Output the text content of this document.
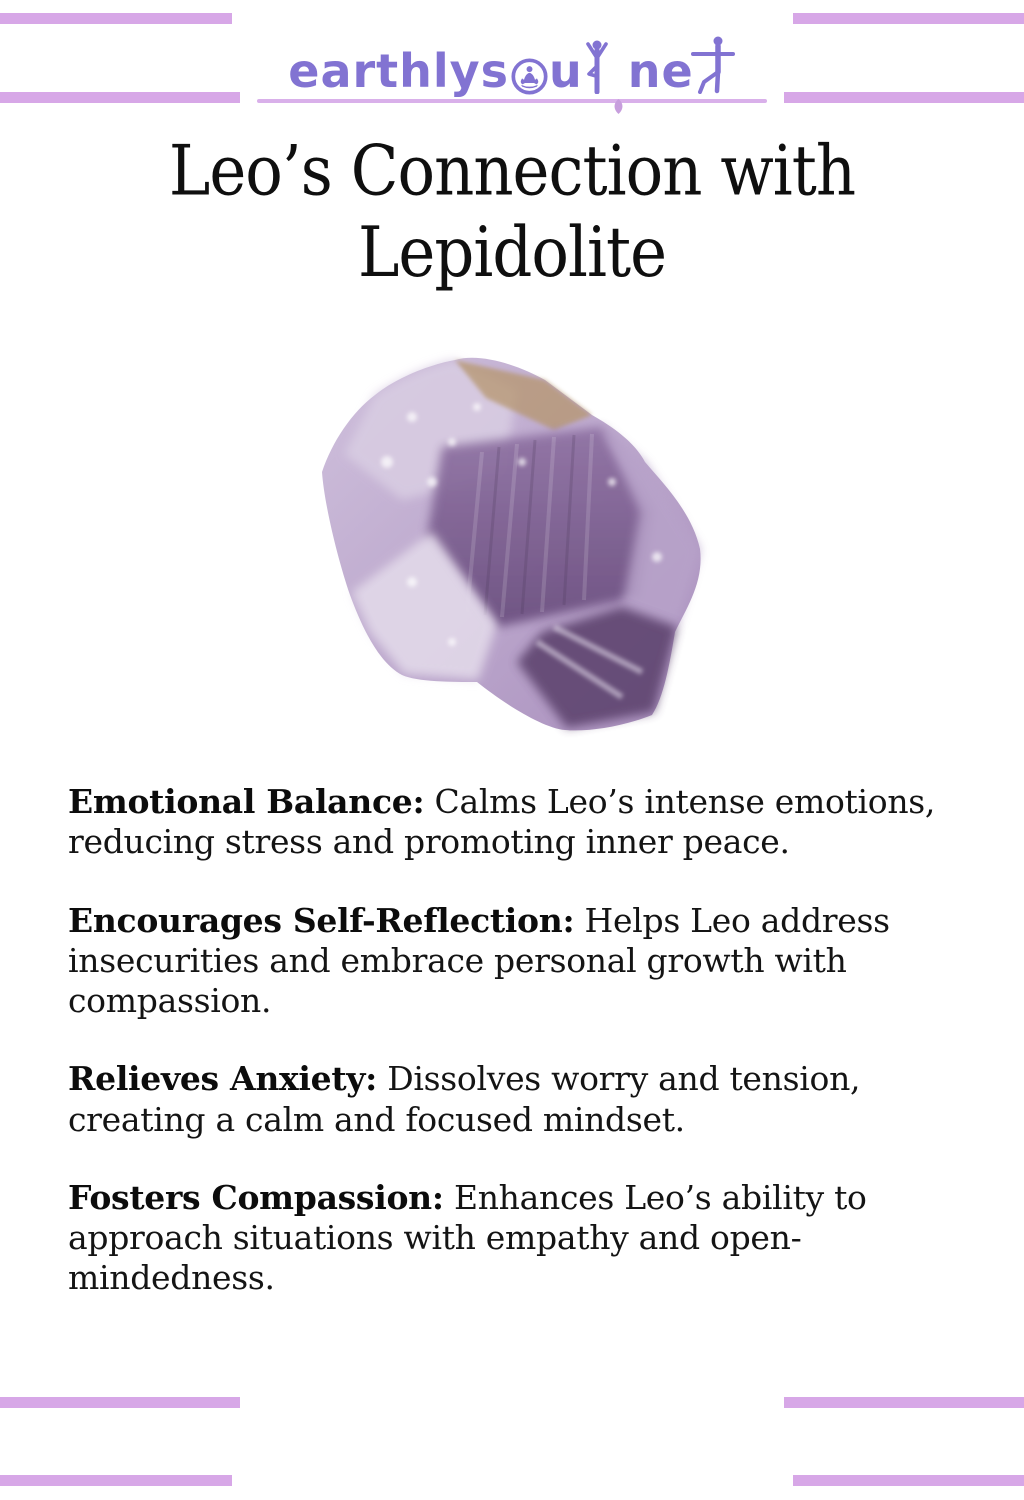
earthlys u ne
Leo’s Connection with
Lepidolite

Emotional Balance: Calms Leo’s intense emotions, reducing stress and promoting inner peace.

Encourages Self-Reflection: Helps Leo address insecurities and embrace personal growth with compassion.

Relieves Anxiety: Dissolves worry and tension, creating a calm and focused mindset.

Fosters Compassion: Enhances Leo’s ability to approach situations with empathy and open-mindedness.
